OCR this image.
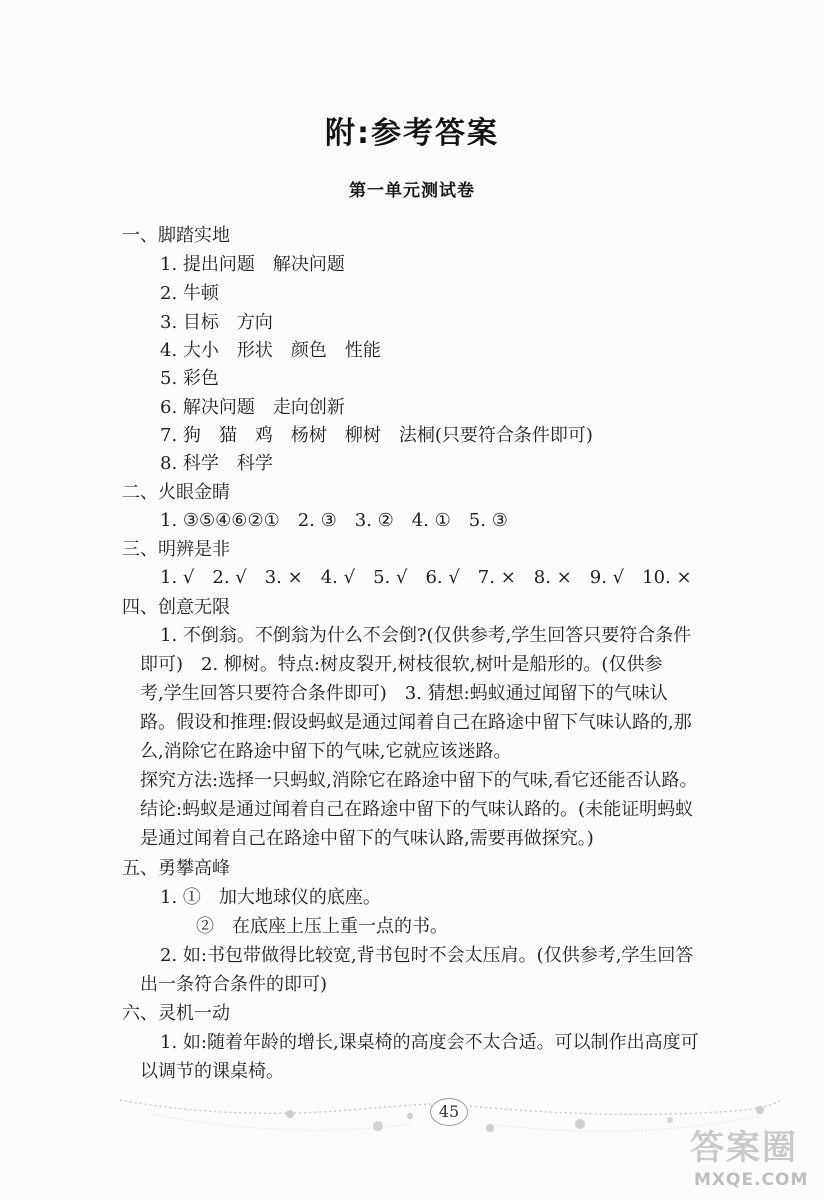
附:参考答案
第一单元测试卷
一、脚踏实地
1. 提出问题　解决问题
2. 牛顿
3. 目标　方向
4. 大小　形状　颜色　性能
5. 彩色
6. 解决问题　走向创新
7. 狗　猫　鸡　杨树　柳树　法桐(只要符合条件即可)
8. 科学　科学
二、火眼金睛
1. ③⑤④⑥②①　2. ③　3. ②　4. ①　5. ③
三、明辨是非
1. √　2. √　3. ×　4. √　5. √　6. √　7. ×　8. ×　9. √　10. ×
四、创意无限
1. 不倒翁。不倒翁为什么不会倒?(仅供参考,学生回答只要符合条件
即可)　2. 柳树。特点:树皮裂开,树枝很软,树叶是船形的。(仅供参
考,学生回答只要符合条件即可)　3. 猜想:蚂蚁通过闻留下的气味认
路。假设和推理:假设蚂蚁是通过闻着自己在路途中留下气味认路的,那
么,消除它在路途中留下的气味,它就应该迷路。
探究方法:选择一只蚂蚁,消除它在路途中留下的气味,看它还能否认路。
结论:蚂蚁是通过闻着自己在路途中留下的气味认路的。(未能证明蚂蚁
是通过闻着自己在路途中留下的气味认路,需要再做探究。)
五、勇攀高峰
1. ①　加大地球仪的底座。
②　在底座上压上重一点的书。
2. 如:书包带做得比较宽,背书包时不会太压肩。(仅供参考,学生回答
出一条符合条件的即可)
六、灵机一动
1. 如:随着年龄的增长,课桌椅的高度会不太合适。可以制作出高度可
以调节的课桌椅。
45
答案圈
MXQE.COM
